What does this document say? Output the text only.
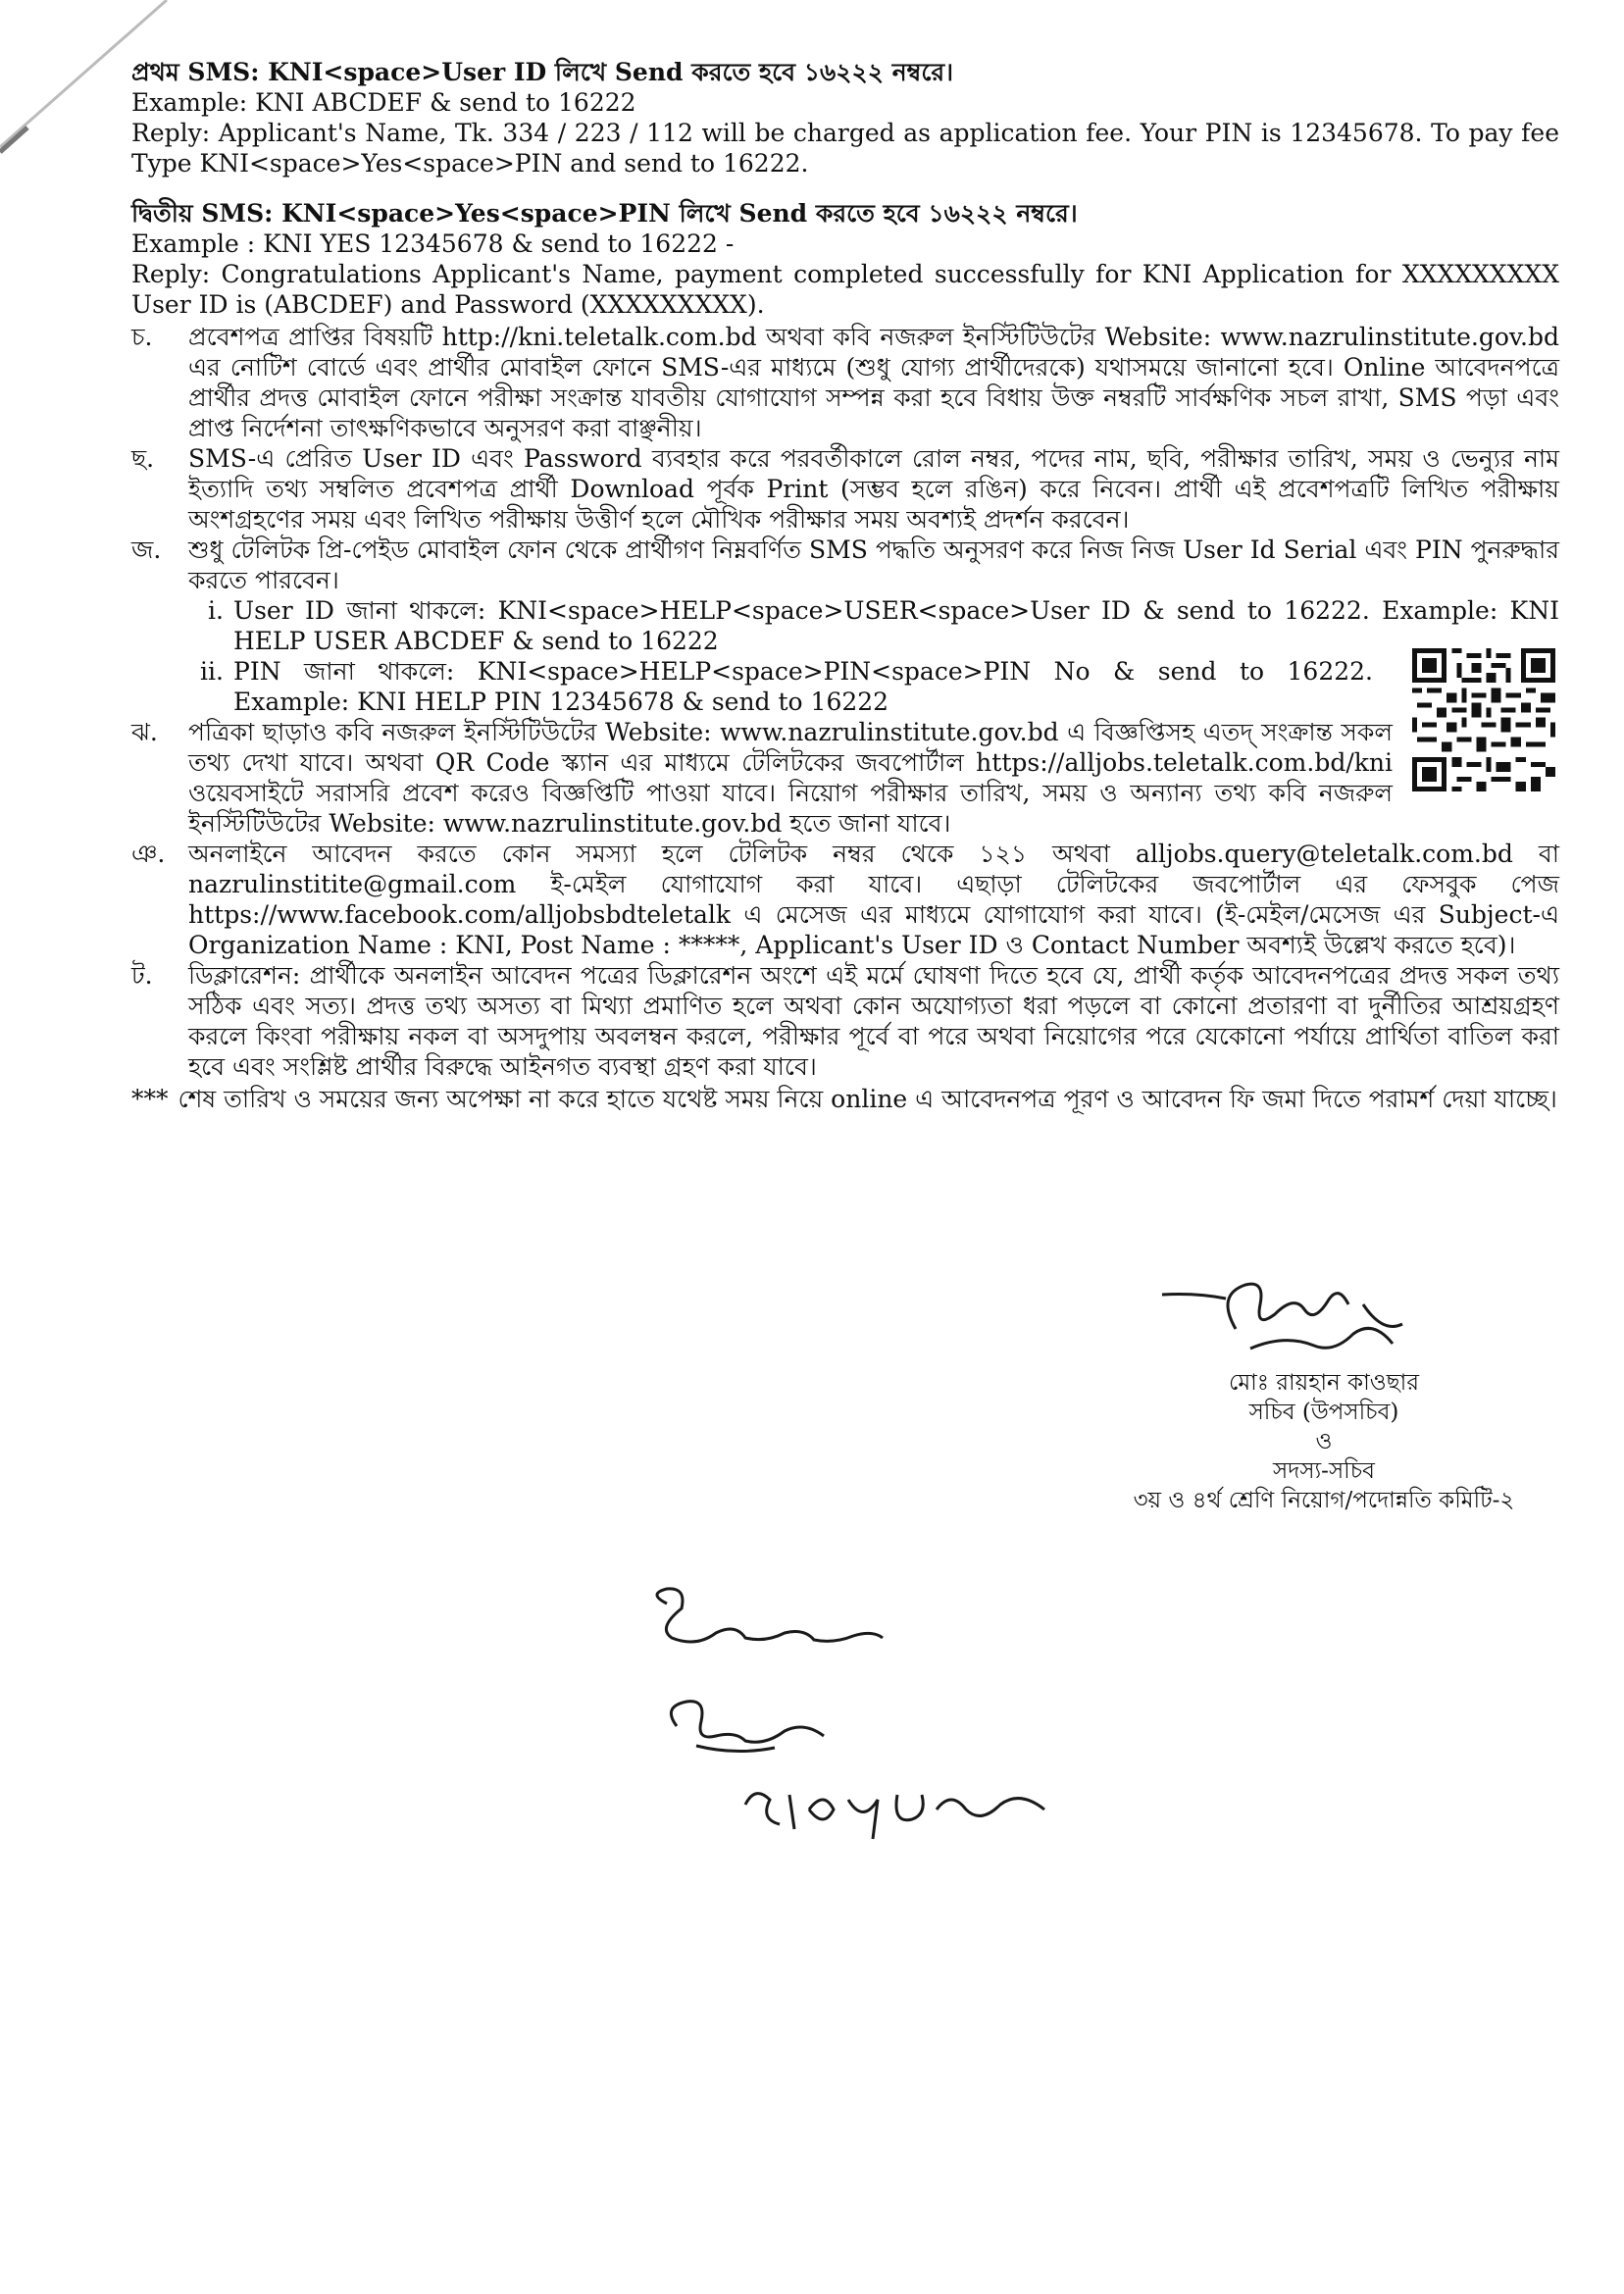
প্রথম SMS: KNI<space>User ID লিখে Send করতে হবে ১৬২২২ নম্বরে।

Example: KNI ABCDEF & send to 16222

Reply: Applicant's Name, Tk. 334 / 223 / 112 will be charged as application fee. Your PIN is 12345678. To pay fee Type KNI<space>Yes<space>PIN and send to 16222.

দ্বিতীয় SMS: KNI<space>Yes<space>PIN লিখে Send করতে হবে ১৬২২২ নম্বরে।

Example : KNI YES 12345678 & send to 16222 -

Reply: Congratulations Applicant's Name, payment completed successfully for KNI Application for XXXXXXXXX User ID is (ABCDEF) and Password (XXXXXXXXX).

চ.	প্রবেশপত্র প্রাপ্তির বিষয়টি http://kni.teletalk.com.bd অথবা কবি নজরুল ইনস্টিটিউটের Website: www.nazrulinstitute.gov.bd এর নোটিশ বোর্ডে এবং প্রার্থীর মোবাইল ফোনে SMS-এর মাধ্যমে (শুধু যোগ্য প্রার্থীদেরকে) যথাসময়ে জানানো হবে। Online আবেদনপত্রে প্রার্থীর প্রদত্ত মোবাইল ফোনে পরীক্ষা সংক্রান্ত যাবতীয় যোগাযোগ সম্পন্ন করা হবে বিধায় উক্ত নম্বরটি সার্বক্ষণিক সচল রাখা, SMS পড়া এবং প্রাপ্ত নির্দেশনা তাৎক্ষণিকভাবে অনুসরণ করা বাঞ্ছনীয়।
ছ.	SMS-এ প্রেরিত User ID এবং Password ব্যবহার করে পরবর্তীকালে রোল নম্বর, পদের নাম, ছবি, পরীক্ষার তারিখ, সময় ও ভেন্যুর নাম ইত্যাদি তথ্য সম্বলিত প্রবেশপত্র প্রার্থী Download পূর্বক Print (সম্ভব হলে রঙিন) করে নিবেন। প্রার্থী এই প্রবেশপত্রটি লিখিত পরীক্ষায় অংশগ্রহণের সময় এবং লিখিত পরীক্ষায় উত্তীর্ণ হলে মৌখিক পরীক্ষার সময় অবশ্যই প্রদর্শন করবেন।
জ.	শুধু টেলিটক প্রি-পেইড মোবাইল ফোন থেকে প্রার্থীগণ নিম্নবর্ণিত SMS পদ্ধতি অনুসরণ করে নিজ নিজ User Id Serial এবং PIN পুনরুদ্ধার করতে পারবেন।
i. User ID জানা থাকলে: KNI<space>HELP<space>USER<space>User ID & send to 16222. Example: KNI HELP USER ABCDEF & send to 16222
ii. PIN জানা থাকলে: KNI<space>HELP<space>PIN<space>PIN No & send to 16222. Example: KNI HELP PIN 12345678 & send to 16222
ঝ.	পত্রিকা ছাড়াও কবি নজরুল ইনস্টিটিউটের Website: www.nazrulinstitute.gov.bd এ বিজ্ঞপ্তিসহ এতদ্ সংক্রান্ত সকল তথ্য দেখা যাবে। অথবা QR Code স্ক্যান এর মাধ্যমে টেলিটকের জবপোর্টাল https://alljobs.teletalk.com.bd/kni ওয়েবসাইটে সরাসরি প্রবেশ করেও বিজ্ঞপ্তিটি পাওয়া যাবে। নিয়োগ পরীক্ষার তারিখ, সময় ও অন্যান্য তথ্য কবি নজরুল ইনস্টিটিউটের Website: www.nazrulinstitute.gov.bd হতে জানা যাবে।
ঞ. অনলাইনে আবেদন করতে কোন সমস্যা হলে টেলিটক নম্বর থেকে ১২১ অথবা alljobs.query@teletalk.com.bd বা nazrulinstitite@gmail.com ই-মেইল যোগাযোগ করা যাবে। এছাড়া টেলিটকের জবপোর্টাল এর ফেসবুক পেজ https://www.facebook.com/alljobsbdteletalk এ মেসেজ এর মাধ্যমে যোগাযোগ করা যাবে। (ই-মেইল/মেসেজ এর Subject-এ Organization Name : KNI, Post Name : *****, Applicant's User ID ও Contact Number অবশ্যই উল্লেখ করতে হবে)।
ট.	ডিক্লারেশন: প্রার্থীকে অনলাইন আবেদন পত্রের ডিক্লারেশন অংশে এই মর্মে ঘোষণা দিতে হবে যে, প্রার্থী কর্তৃক আবেদনপত্রের প্রদত্ত সকল তথ্য সঠিক এবং সত্য। প্রদত্ত তথ্য অসত্য বা মিথ্যা প্রমাণিত হলে অথবা কোন অযোগ্যতা ধরা পড়লে বা কোনো প্রতারণা বা দুর্নীতির আশ্রয়গ্রহণ করলে কিংবা পরীক্ষায় নকল বা অসদুপায় অবলম্বন করলে, পরীক্ষার পূর্বে বা পরে অথবা নিয়োগের পরে যেকোনো পর্যায়ে প্রার্থিতা বাতিল করা হবে এবং সংশ্লিষ্ট প্রার্থীর বিরুদ্ধে আইনগত ব্যবস্থা গ্রহণ করা যাবে।
*** শেষ তারিখ ও সময়ের জন্য অপেক্ষা না করে হাতে যথেষ্ট সময় নিয়ে online এ আবেদনপত্র পূরণ ও আবেদন ফি জমা দিতে পরামর্শ দেয়া যাচ্ছে।
মোঃ রায়হান কাওছার
সচিব (উপসচিব)
ও
সদস্য-সচিব
৩য় ও ৪র্থ শ্রেণি নিয়োগ/পদোন্নতি কমিটি-২
